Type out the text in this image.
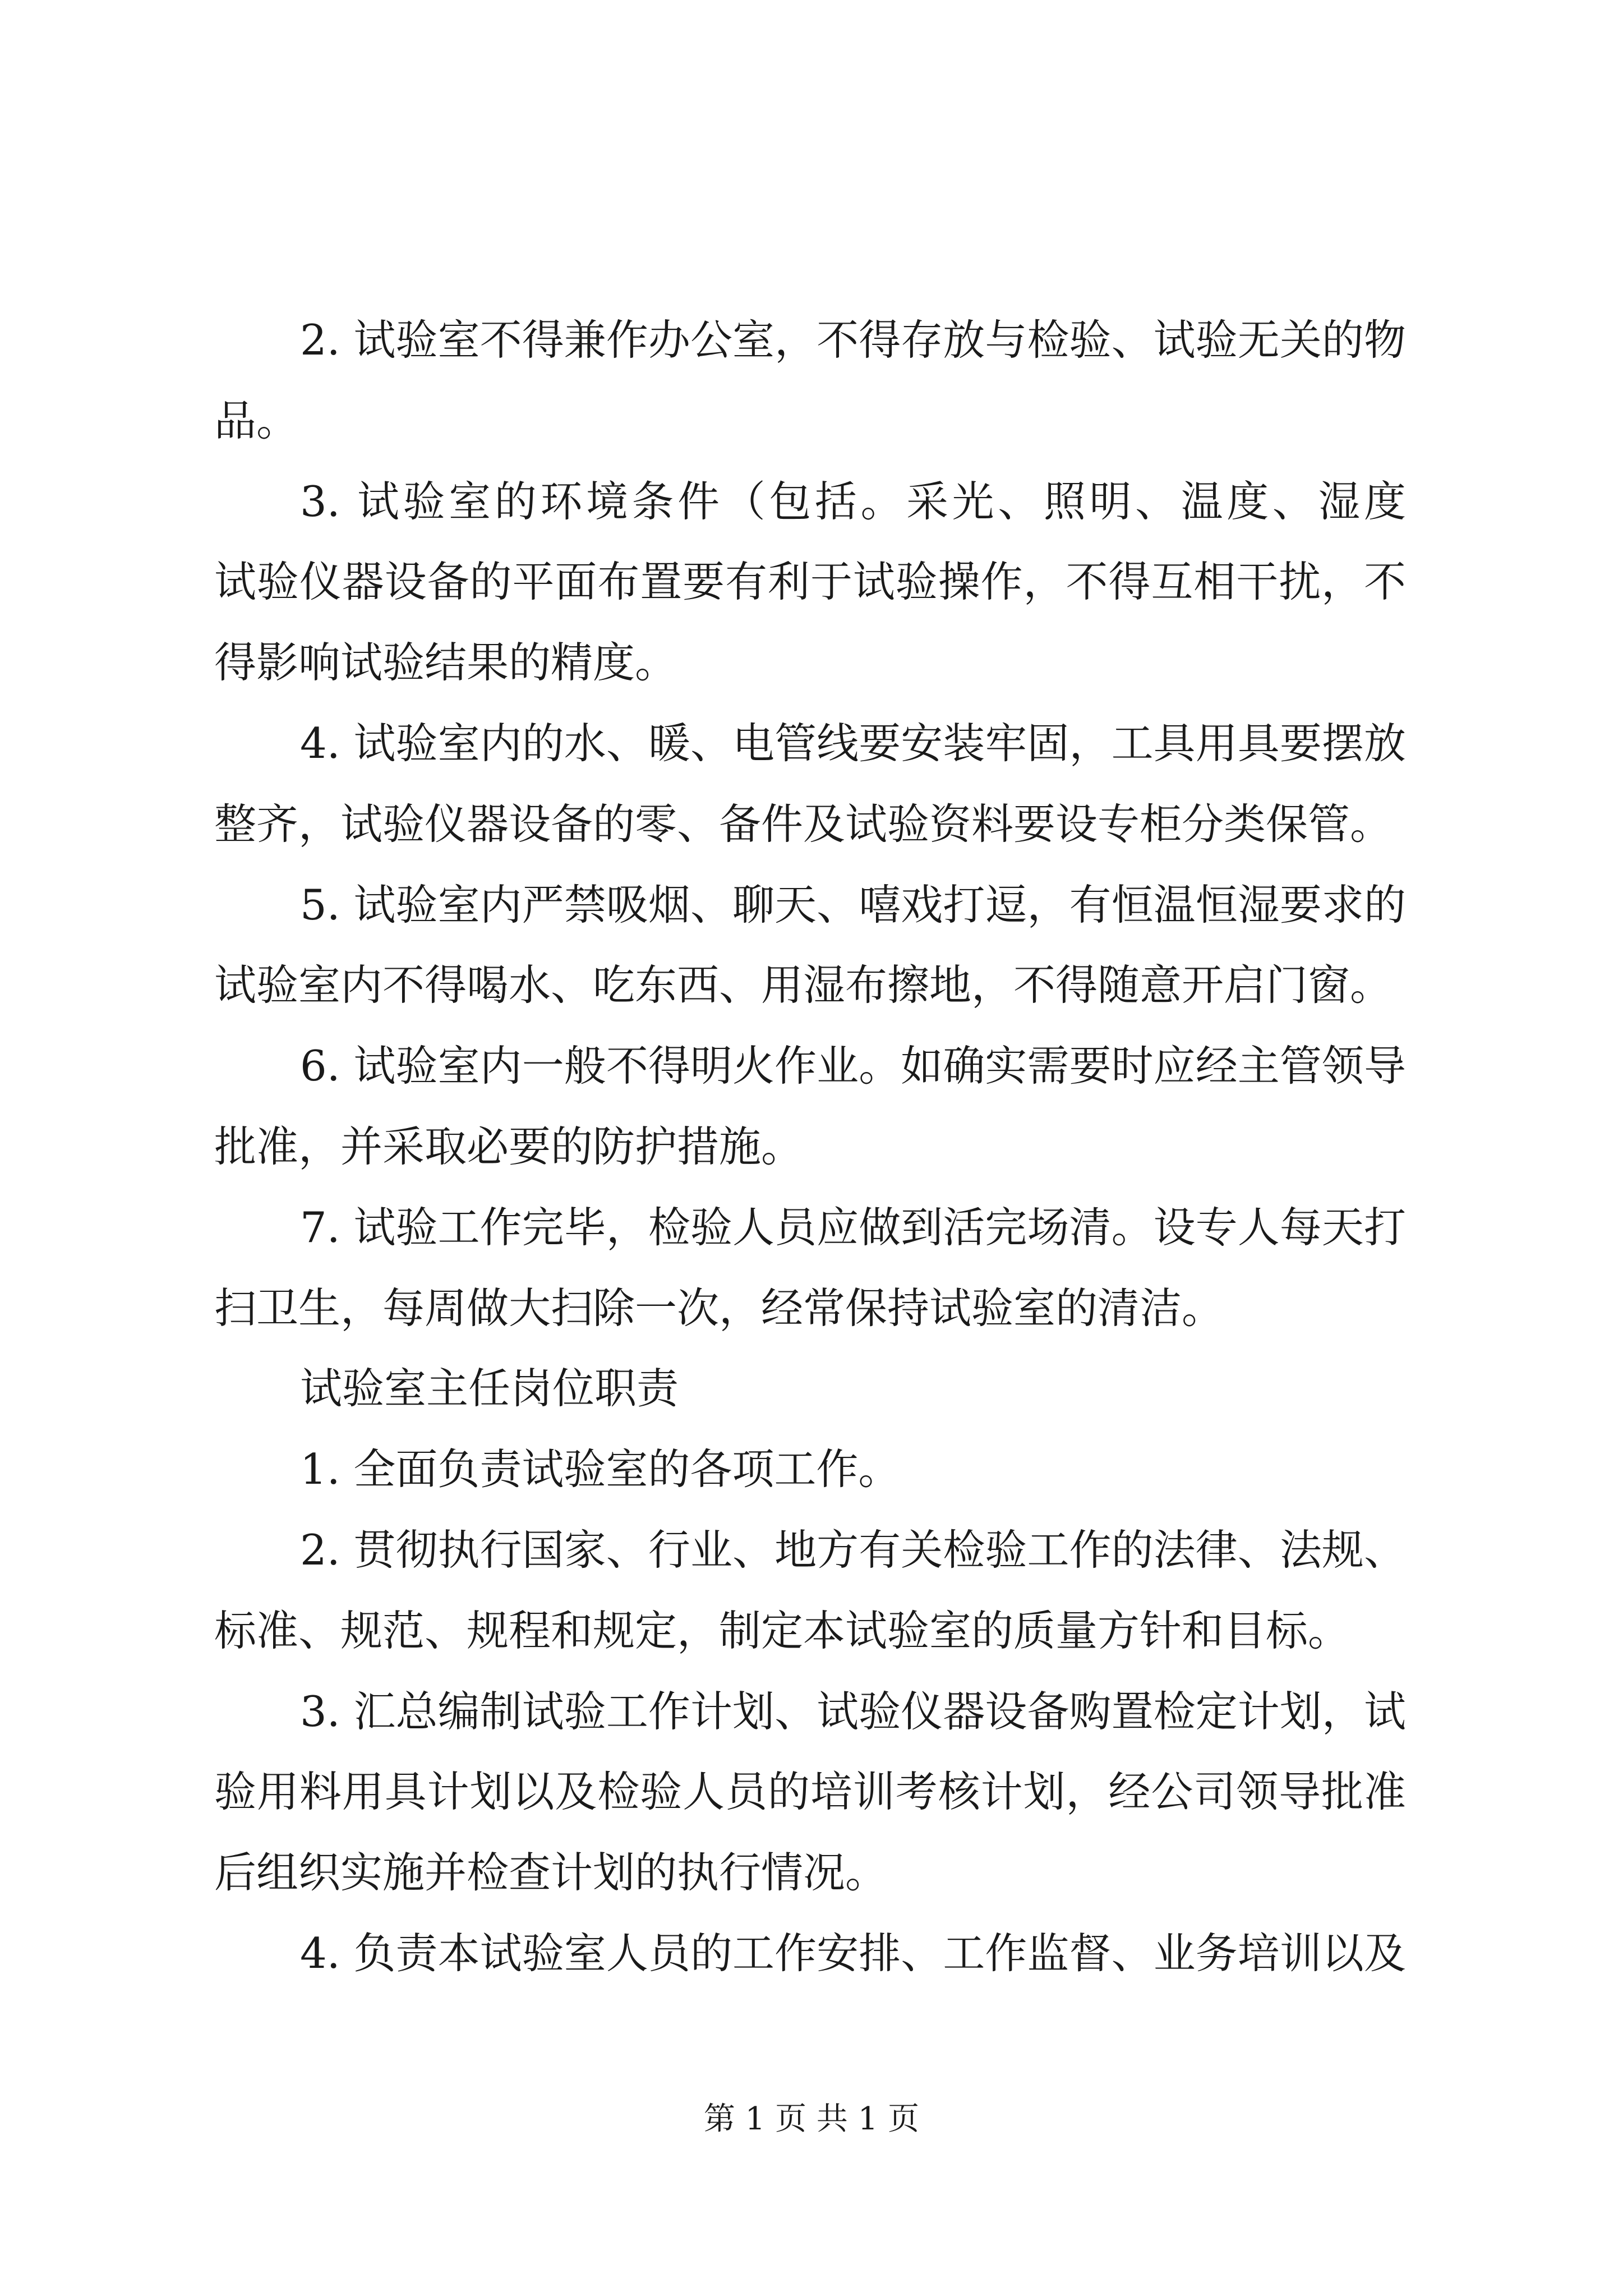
2. 试验室不得兼作办公室，不得存放与检验、试验无关的物
品。
3. 试验室的环境条件（包括。采光、照明、温度、湿度
试验仪器设备的平面布置要有利于试验操作，不得互相干扰，不
得影响试验结果的精度。
4. 试验室内的水、暖、电管线要安装牢固，工具用具要摆放
整齐，试验仪器设备的零、备件及试验资料要设专柜分类保管。
5. 试验室内严禁吸烟、聊天、嘻戏打逗，有恒温恒湿要求的
试验室内不得喝水、吃东西、用湿布擦地，不得随意开启门窗。
6. 试验室内一般不得明火作业。如确实需要时应经主管领导
批准，并采取必要的防护措施。
7. 试验工作完毕，检验人员应做到活完场清。设专人每天打
扫卫生，每周做大扫除一次，经常保持试验室的清洁。
试验室主任岗位职责
1. 全面负责试验室的各项工作。
2. 贯彻执行国家、行业、地方有关检验工作的法律、法规、
标准、规范、规程和规定，制定本试验室的质量方针和目标。
3. 汇总编制试验工作计划、试验仪器设备购置检定计划，试
验用料用具计划以及检验人员的培训考核计划，经公司领导批准
后组织实施并检查计划的执行情况。
4. 负责本试验室人员的工作安排、工作监督、业务培训以及
第 1 页 共 1 页
